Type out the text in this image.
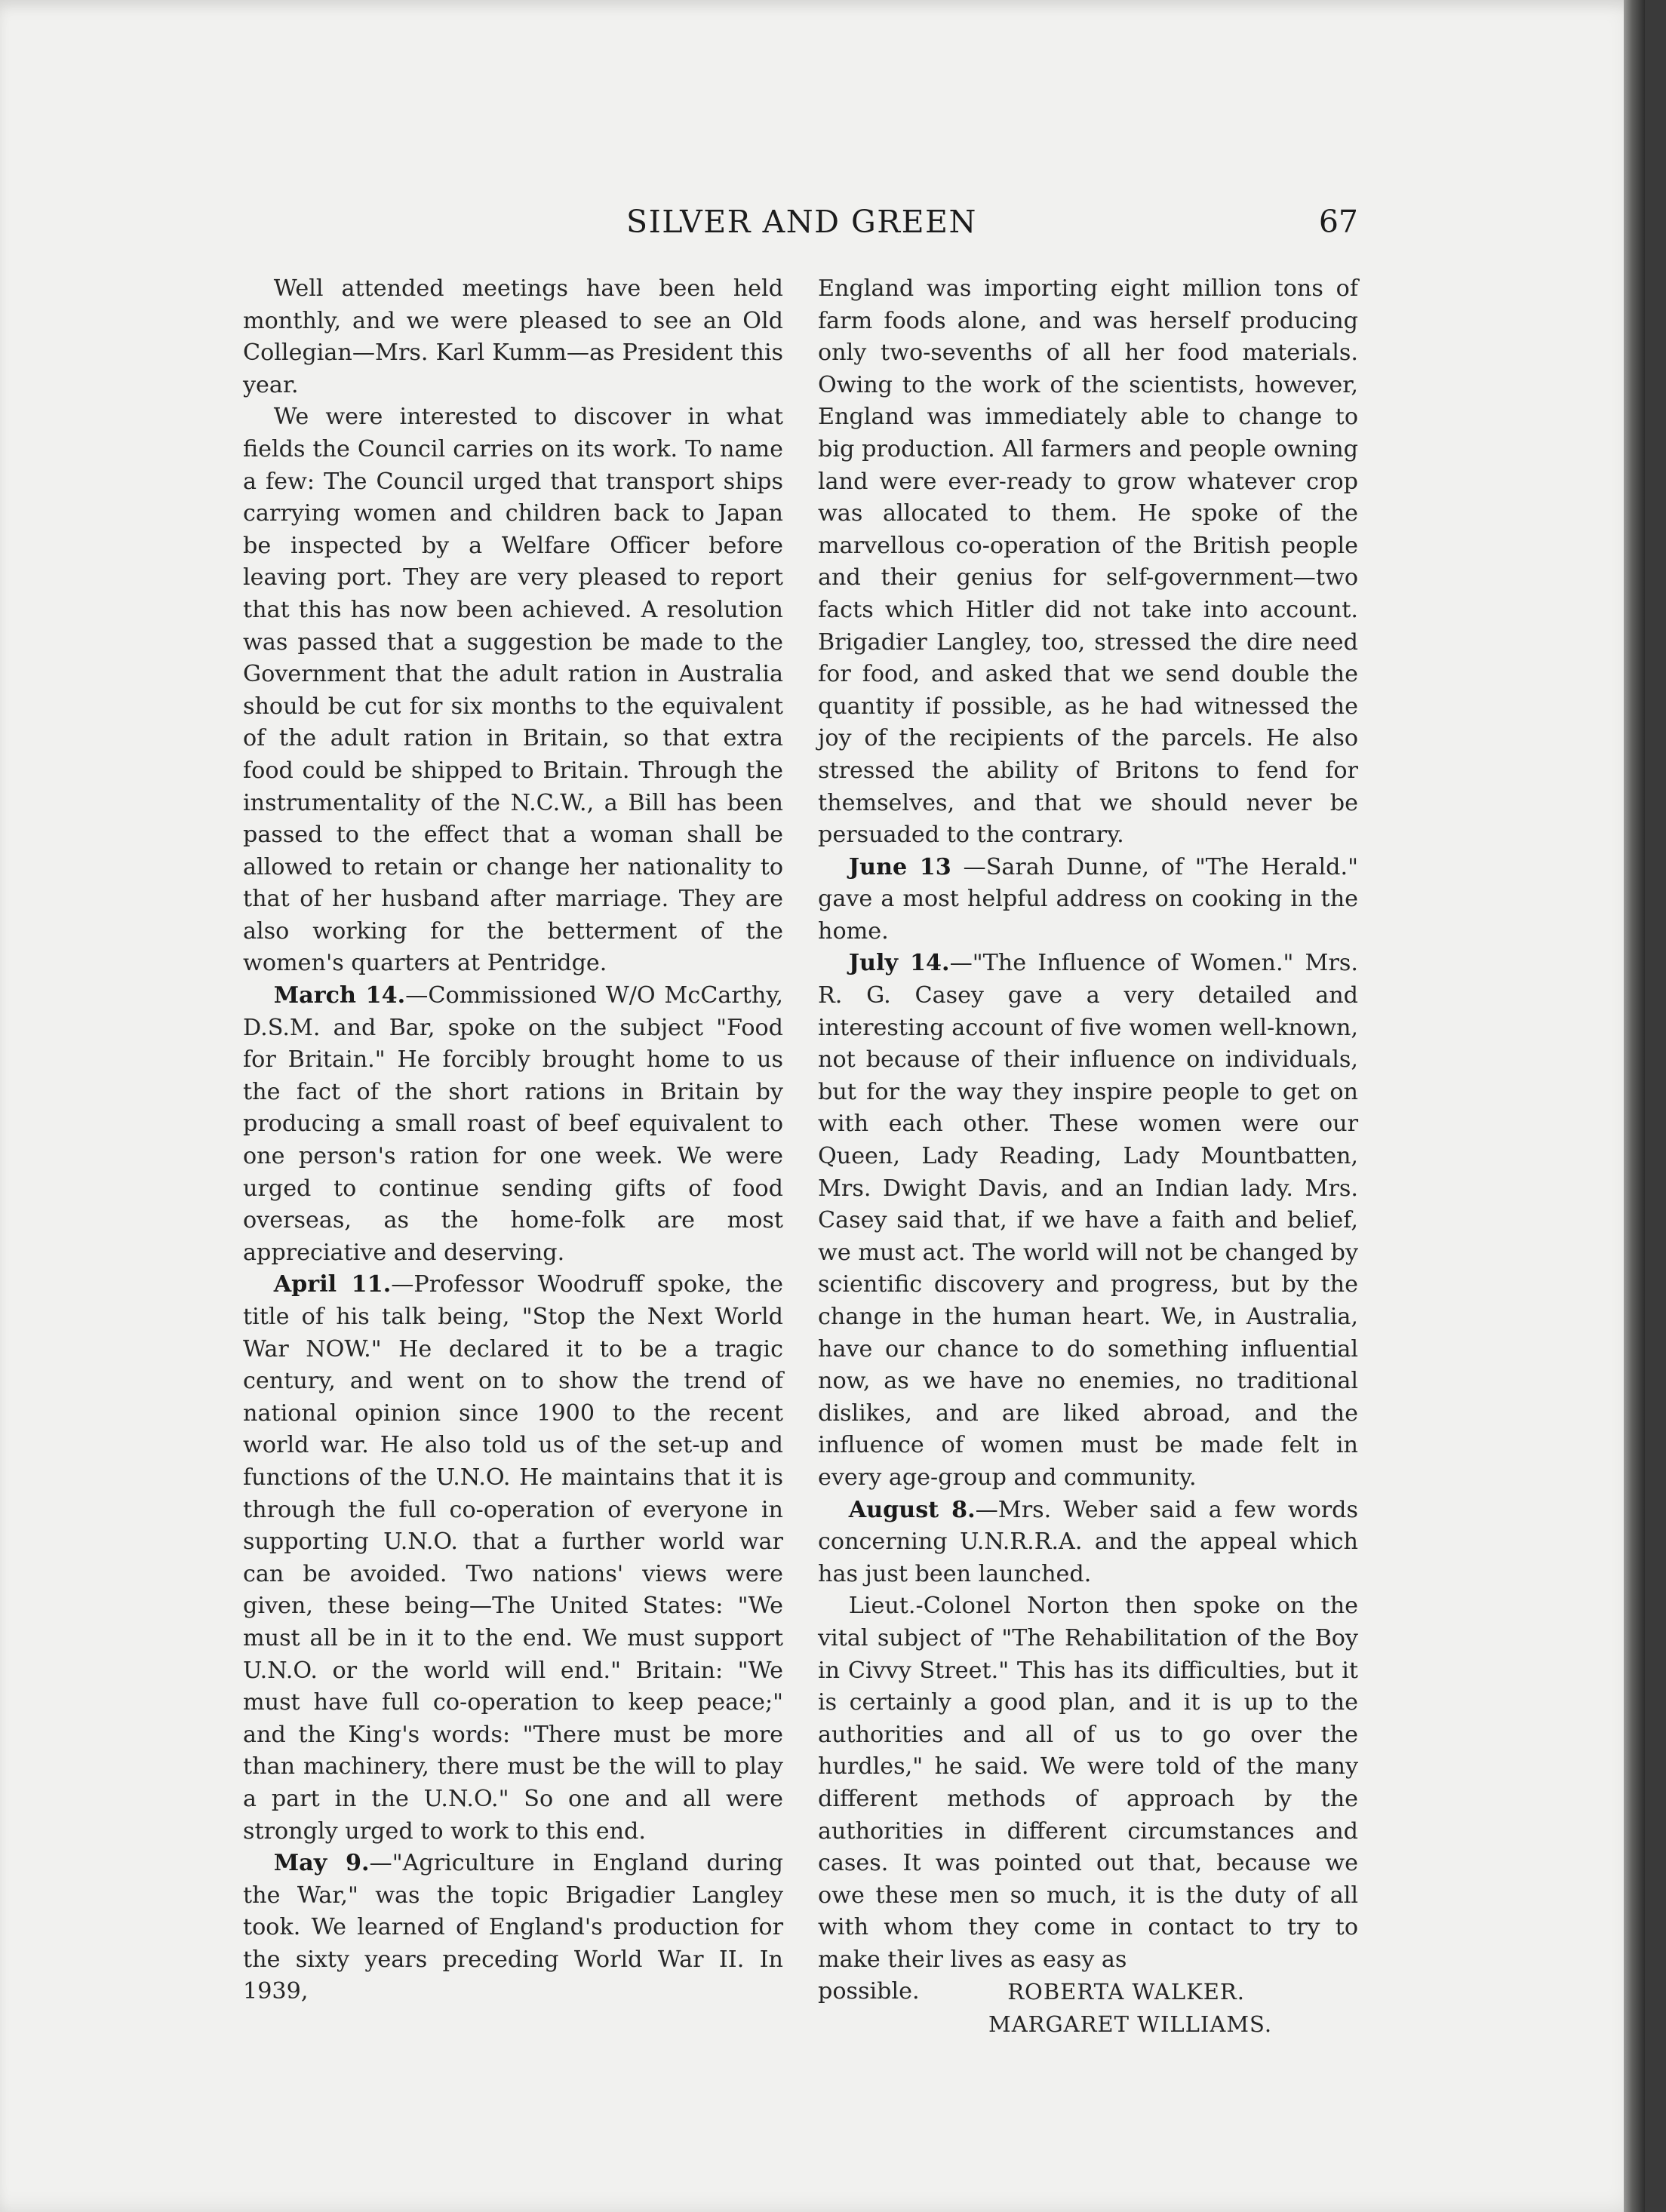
SILVER AND GREEN	67

Well attended meetings have been held monthly, and we were pleased to see an Old Collegian—Mrs. Karl Kumm—as President this year.

We were interested to discover in what fields the Council carries on its work. To name a few: The Council urged that transport ships carrying women and children back to Japan be inspected by a Welfare Officer before leaving port. They are very pleased to report that this has now been achieved. A resolution was passed that a suggestion be made to the Government that the adult ration in Australia should be cut for six months to the equivalent of the adult ration in Britain, so that extra food could be shipped to Britain. Through the instrumentality of the N.C.W., a Bill has been passed to the effect that a woman shall be allowed to retain or change her nationality to that of her husband after marriage. They are also working for the betterment of the women's quarters at Pentridge.

March 14.—Commissioned W/O McCarthy, D.S.M. and Bar, spoke on the subject "Food for Britain." He forcibly brought home to us the fact of the short rations in Britain by producing a small roast of beef equivalent to one person's ration for one week. We were urged to continue sending gifts of food overseas, as the home-folk are most appreciative and deserving.

April 11.—Professor Woodruff spoke, the title of his talk being, "Stop the Next World War NOW." He declared it to be a tragic century, and went on to show the trend of national opinion since 1900 to the recent world war. He also told us of the set-up and functions of the U.N.O. He maintains that it is through the full co-operation of everyone in supporting U.N.O. that a further world war can be avoided. Two nations' views were given, these being—The United States: "We must all be in it to the end. We must support U.N.O. or the world will end." Britain: "We must have full co-operation to keep peace;" and the King's words: "There must be more than machinery, there must be the will to play a part in the U.N.O." So one and all were strongly urged to work to this end.

May 9.—"Agriculture in England during the War," was the topic Brigadier Langley took. We learned of England's production for the sixty years preceding World War II. In 1939,

England was importing eight million tons of farm foods alone, and was herself producing only two-sevenths of all her food materials. Owing to the work of the scientists, however, England was immediately able to change to big production. All farmers and people owning land were ever-ready to grow whatever crop was allocated to them. He spoke of the marvellous co-operation of the British people and their genius for self-government—two facts which Hitler did not take into account. Brigadier Langley, too, stressed the dire need for food, and asked that we send double the quantity if possible, as he had witnessed the joy of the recipients of the parcels. He also stressed the ability of Britons to fend for themselves, and that we should never be persuaded to the contrary.

June 13 —Sarah Dunne, of "The Herald." gave a most helpful address on cooking in the home.

July 14.—"The Influence of Women." Mrs. R. G. Casey gave a very detailed and interesting account of five women well-known, not because of their influence on individuals, but for the way they inspire people to get on with each other. These women were our Queen, Lady Reading, Lady Mountbatten, Mrs. Dwight Davis, and an Indian lady. Mrs. Casey said that, if we have a faith and belief, we must act. The world will not be changed by scientific discovery and progress, but by the change in the human heart. We, in Australia, have our chance to do something influential now, as we have no enemies, no traditional dislikes, and are liked abroad, and the influence of women must be made felt in every age-group and community.

August 8.—Mrs. Weber said a few words concerning U.N.R.R.A. and the appeal which has just been launched.

Lieut.-Colonel Norton then spoke on the vital subject of "The Rehabilitation of the Boy in Civvy Street." This has its difficulties, but it is certainly a good plan, and it is up to the authorities and all of us to go over the hurdles," he said. We were told of the many different methods of approach by the authorities in different circumstances and cases. It was pointed out that, because we owe these men so much, it is the duty of all with whom they come in contact to try to make their lives as easy as

possible.	ROBERTA WALKER.
MARGARET WILLIAMS.
